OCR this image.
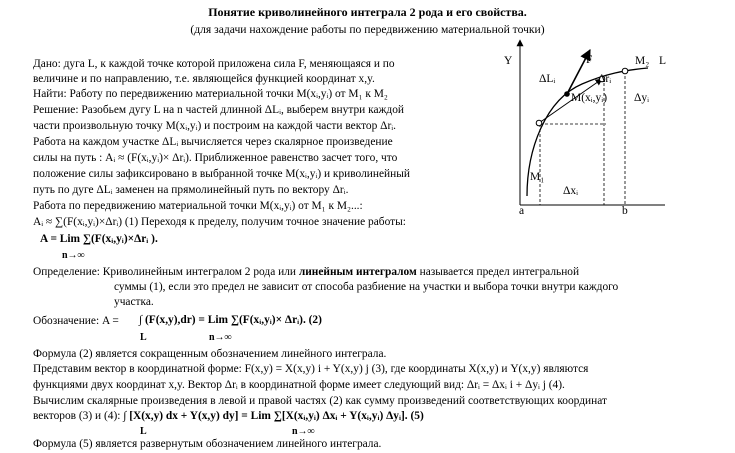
Понятие криволинейного интеграла 2 рода и его свойства.
(для задачи нахождение работы по передвижению материальной точки)
Дано: дуга L, к каждой точке которой приложена сила F, меняющаяся и по
величине и по направлению, т.е. являющейся функцией координат x,y.
Найти: Работу по передвижению материальной точки M(xᵢ,yᵢ) от M₁ к M₂
Решение: Разобьем дугу L на n частей длинной ΔLᵢ, выберем внутри каждой
части произвольную точку M(xᵢ,yᵢ) и построим на каждой части вектор Δrᵢ.
Работа на каждом участке ΔLᵢ вычисляется через скалярное произведение
силы на путь : Aᵢ ≈ (F(xᵢ,yᵢ)× Δrᵢ). Приближенное равенство засчет того, что
положение силы зафиксировано в выбранной точке M(xᵢ,yᵢ) и криволинейный
путь по дуге ΔLᵢ заменен на прямолинейный путь по вектору Δrᵢ.
Работа по передвижению материальной точки M(xᵢ,yᵢ) от M₁ к M₂...:
Aᵢ ≈ ∑(F(xᵢ,yᵢ)×Δrᵢ) (1) Переходя к пределу, получим точное значение работы:
A = Lim ∑(F(xᵢ,yᵢ)×Δrᵢ ).
n→∞
Определение: Криволинейным интегралом 2 рода или линейным интегралом называется предел интегральной
суммы (1), если это предел не зависит от способа разбиение на участки и выбора точки внутри каждого
участка.
Обозначение: A = ∫ (F(x,y),dr) = Lim ∑(F(xᵢ,yᵢ)× Δrᵢ). (2)
L	n→∞
Формула (2) является сокращенным обозначением линейного интеграла.
Представим вектор в координатной форме: F(x,y) = X(x,y) i + Y(x,y) j (3), где координаты X(x,y) и Y(x,y) являются
функциями двух координат x,y. Вектор Δrᵢ в координатной форме имеет следующий вид: Δrᵢ = Δxᵢ i + Δyᵢ j (4).
Вычислим скалярные произведения в левой и правой частях (2) как сумму произведений соответствующих координат
векторов (3) и (4): ∫ [X(x,y) dx + Y(x,y) dy] = Lim ∑[X(xᵢ,yᵢ) Δxᵢ + Y(xᵢ,yᵢ) Δyᵢ]. (5)
L	n→∞
Формула (5) является развернутым обозначением линейного интеграла.
Y	F	M₂ L
ΔLᵢ	Δrᵢ
M(xᵢ,yᵢ) Δyᵢ
M₁
Δxᵢ
a	b
